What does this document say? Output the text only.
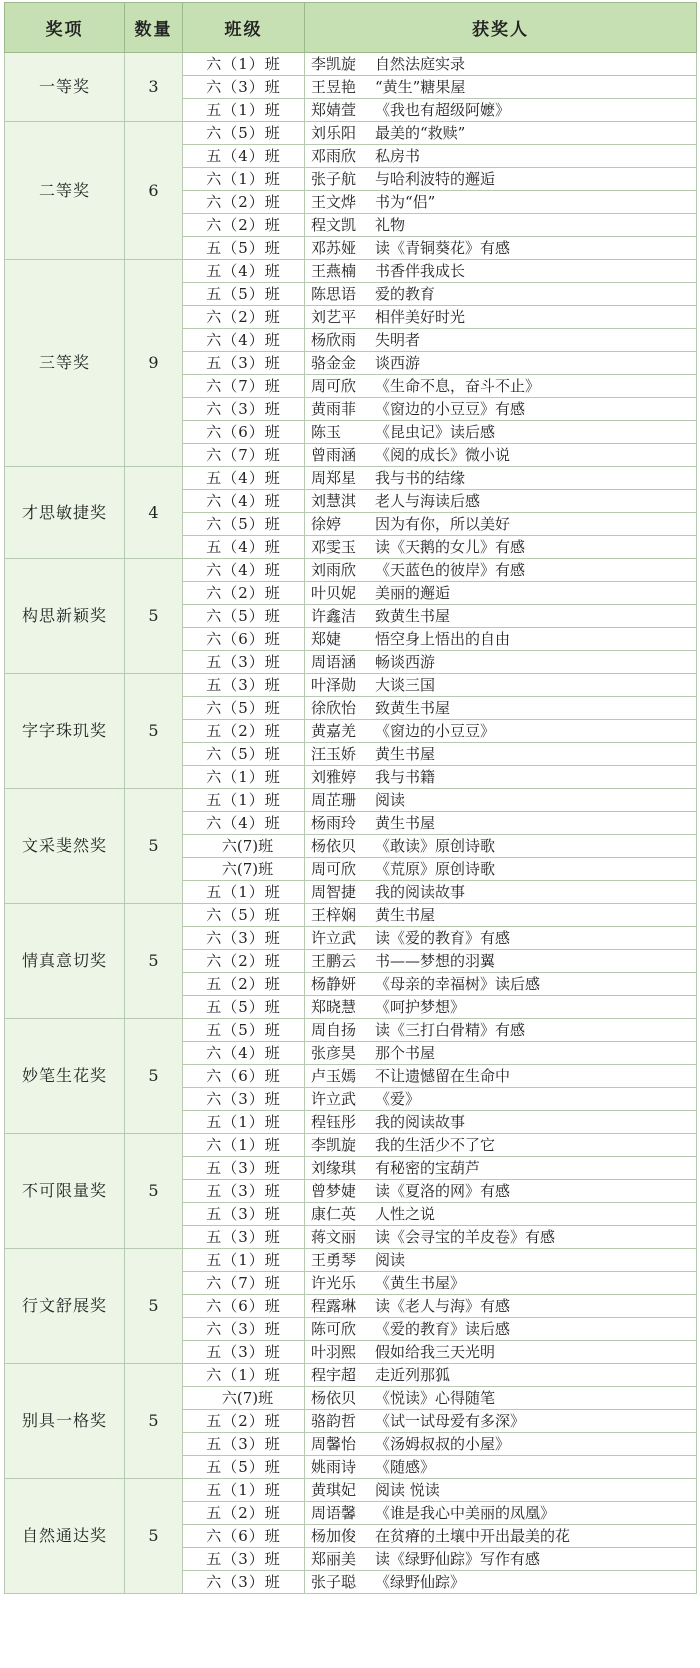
奖项	数量	班级	获奖人
一等奖	3	六（1）班	李凯旋 自然法庭实录
		六（3）班	王昱艳 “黄生”糖果屋
		五（1）班	郑婧萱 《我也有超级阿嬷》
二等奖	6	六（5）班	刘乐阳 最美的“救赎”
		五（4）班	邓雨欣 私房书
		六（1）班	张子航 与哈利波特的邂逅
		六（2）班	王文烨 书为“侣”
		六（2）班	程文凯 礼物
		五（5）班	邓苏娅 读《青铜葵花》有感
三等奖	9	五（4）班	王燕楠 书香伴我成长
		五（5）班	陈思语 爱的教育
		六（2）班	刘艺平 相伴美好时光
		六（4）班	杨欣雨 失明者
		五（3）班	骆金金 谈西游
		六（7）班	周可欣 《生命不息，奋斗不止》
		六（3）班	黄雨菲 《窗边的小豆豆》有感
		六（6）班	陈玉 《昆虫记》读后感
		六（7）班	曾雨涵 《阅的成长》微小说
才思敏捷奖	4	五（4）班	周郑星 我与书的结缘
		六（4）班	刘慧淇 老人与海读后感
		六（5）班	徐婷 因为有你，所以美好
		五（4）班	邓雯玉 读《天鹅的女儿》有感
构思新颖奖	5	六（4）班	刘雨欣 《天蓝色的彼岸》有感
		六（2）班	叶贝妮 美丽的邂逅
		六（5）班	许鑫洁 致黄生书屋
		六（6）班	郑婕 悟空身上悟出的自由
		五（3）班	周语涵 畅谈西游
字字珠玑奖	5	五（3）班	叶泽勋 大谈三国
		六（5）班	徐欣怡 致黄生书屋
		五（2）班	黄嘉羌 《窗边的小豆豆》
		六（5）班	汪玉娇 黄生书屋
		六（1）班	刘雅婷 我与书籍
文采斐然奖	5	五（1）班	周芷珊 阅读
		六（4）班	杨雨玲 黄生书屋
		六(7)班	杨依贝 《敢读》原创诗歌
		六(7)班	周可欣 《荒原》原创诗歌
		五（1）班	周智捷 我的阅读故事
情真意切奖	5	六（5）班	王梓娴 黄生书屋
		六（3）班	许立武 读《爱的教育》有感
		六（2）班	王鹏云 书——梦想的羽翼
		五（2）班	杨静妍 《母亲的幸福树》读后感
		五（5）班	郑晓慧 《呵护梦想》
妙笔生花奖	5	五（5）班	周自扬 读《三打白骨精》有感
		六（4）班	张彦昊 那个书屋
		六（6）班	卢玉嫣 不让遗憾留在生命中
		六（3）班	许立武 《爱》
		五（1）班	程钰彤 我的阅读故事
不可限量奖	5	六（1）班	李凯旋 我的生活少不了它
		五（3）班	刘缘琪 有秘密的宝葫芦
		五（3）班	曾梦婕 读《夏洛的网》有感
		五（3）班	康仁英 人性之说
		五（3）班	蒋文丽 读《会寻宝的羊皮卷》有感
行文舒展奖	5	五（1）班	王勇琴 阅读
		六（7）班	许光乐 《黄生书屋》
		六（6）班	程露琳 读《老人与海》有感
		六（3）班	陈可欣 《爱的教育》读后感
		五（3）班	叶羽熙 假如给我三天光明
别具一格奖	5	六（1）班	程宇超 走近列那狐
		六(7)班	杨依贝 《悦读》心得随笔
		五（2）班	骆韵哲 《试一试母爱有多深》
		五（3）班	周馨怡 《汤姆叔叔的小屋》
		五（5）班	姚雨诗 《随感》
自然通达奖	5	五（1）班	黄琪妃 阅读 悦读
		五（2）班	周语馨 《谁是我心中美丽的凤凰》
		六（6）班	杨加俊 在贫瘠的土壤中开出最美的花
		五（3）班	郑丽美 读《绿野仙踪》写作有感
		六（3）班	张子聪 《绿野仙踪》
